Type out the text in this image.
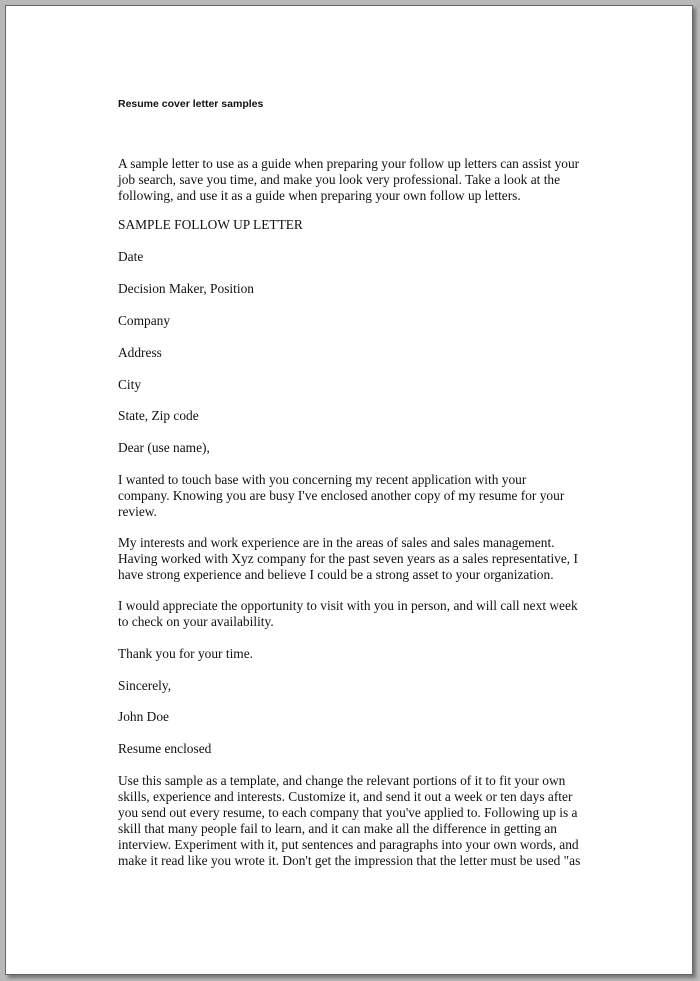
Resume cover letter samples

A sample letter to use as a guide when preparing your follow up letters can assist your
job search, save you time, and make you look very professional. Take a look at the
following, and use it as a guide when preparing your own follow up letters.

SAMPLE FOLLOW UP LETTER

Date

Decision Maker, Position

Company

Address

City

State, Zip code

Dear (use name),

I wanted to touch base with you concerning my recent application with your
company. Knowing you are busy I've enclosed another copy of my resume for your
review.

My interests and work experience are in the areas of sales and sales management.
Having worked with Xyz company for the past seven years as a sales representative, I
have strong experience and believe I could be a strong asset to your organization.

I would appreciate the opportunity to visit with you in person, and will call next week
to check on your availability.

Thank you for your time.

Sincerely,

John Doe

Resume enclosed

Use this sample as a template, and change the relevant portions of it to fit your own
skills, experience and interests. Customize it, and send it out a week or ten days after
you send out every resume, to each company that you've applied to. Following up is a
skill that many people fail to learn, and it can make all the difference in getting an
interview. Experiment with it, put sentences and paragraphs into your own words, and
make it read like you wrote it. Don't get the impression that the letter must be used "as
